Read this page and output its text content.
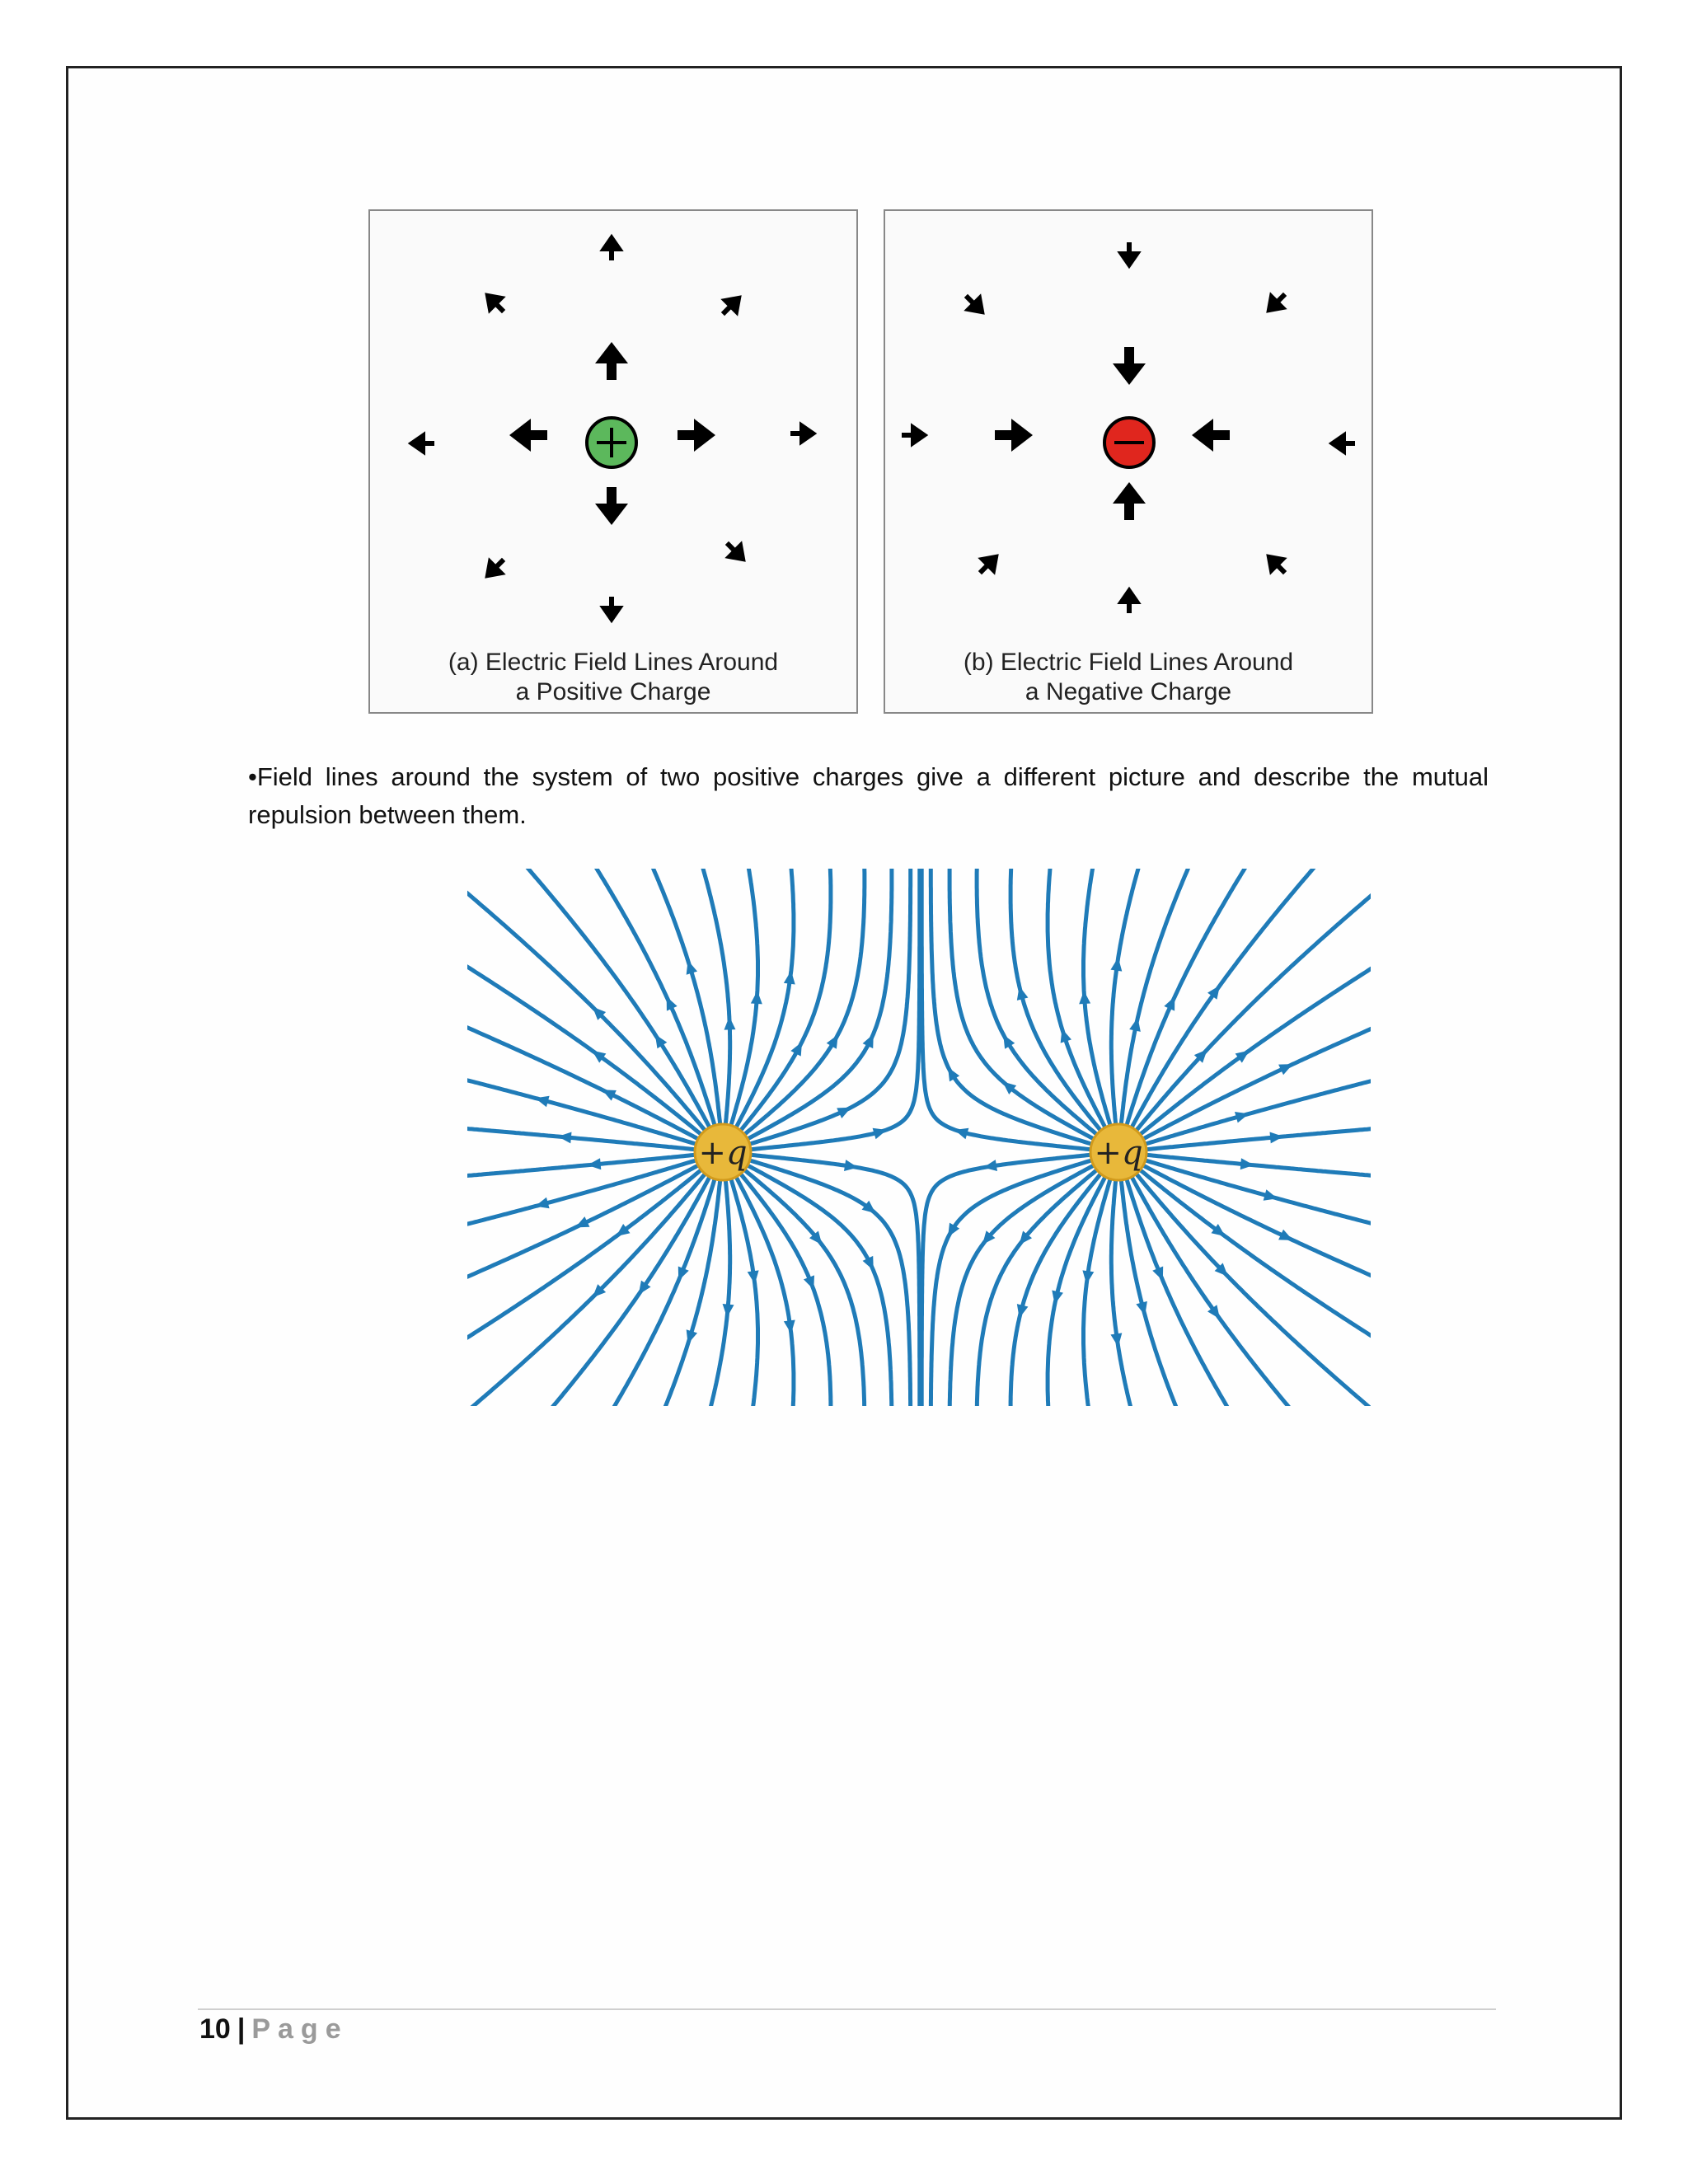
(a) Electric Field Lines Around
a Positive Charge
(b) Electric Field Lines Around
a Negative Charge
•Field lines around the system of two positive charges give a different picture and describe the mutual repulsion between them.
+q	+q
10 | Page
